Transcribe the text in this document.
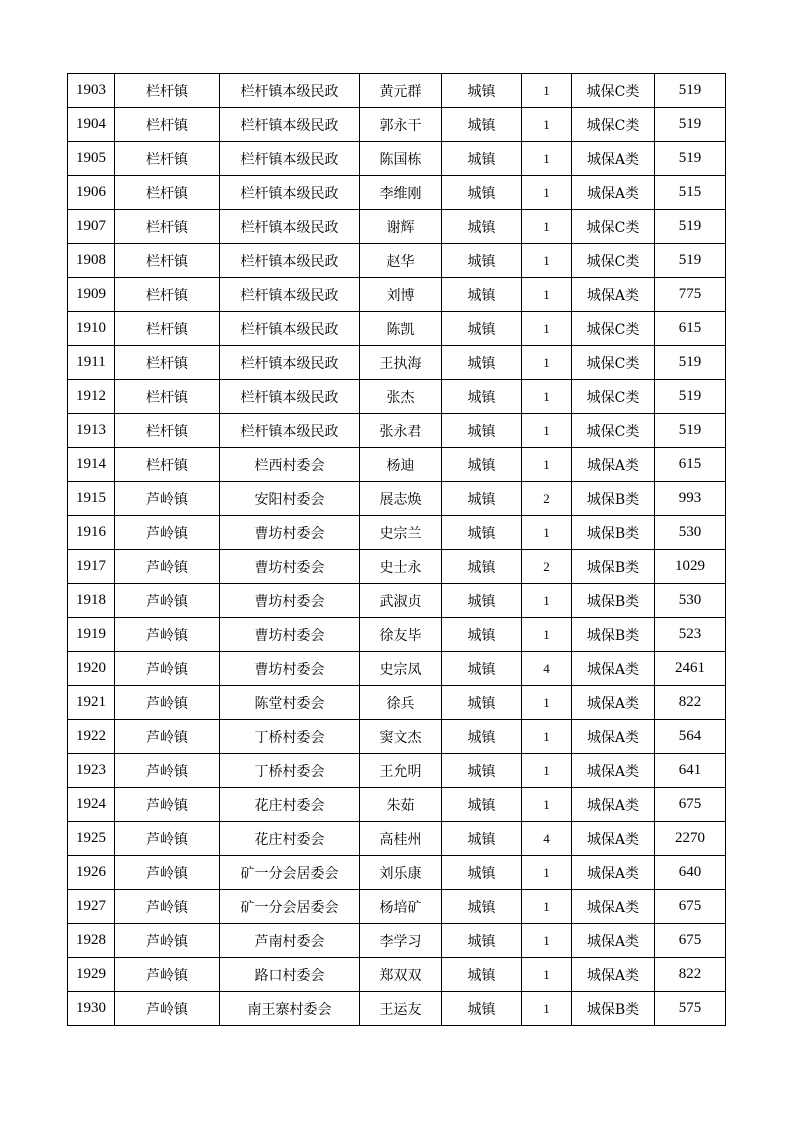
1903	栏杆镇	栏杆镇本级民政	黄元群	城镇	1	城保C类	519
1904	栏杆镇	栏杆镇本级民政	郭永干	城镇	1	城保C类	519
1905	栏杆镇	栏杆镇本级民政	陈国栋	城镇	1	城保A类	519
1906	栏杆镇	栏杆镇本级民政	李维刚	城镇	1	城保A类	515
1907	栏杆镇	栏杆镇本级民政	谢辉	城镇	1	城保C类	519
1908	栏杆镇	栏杆镇本级民政	赵华	城镇	1	城保C类	519
1909	栏杆镇	栏杆镇本级民政	刘博	城镇	1	城保A类	775
1910	栏杆镇	栏杆镇本级民政	陈凯	城镇	1	城保C类	615
1911	栏杆镇	栏杆镇本级民政	王执海	城镇	1	城保C类	519
1912	栏杆镇	栏杆镇本级民政	张杰	城镇	1	城保C类	519
1913	栏杆镇	栏杆镇本级民政	张永君	城镇	1	城保C类	519
1914	栏杆镇	栏西村委会	杨迪	城镇	1	城保A类	615
1915	芦岭镇	安阳村委会	展志焕	城镇	2	城保B类	993
1916	芦岭镇	曹坊村委会	史宗兰	城镇	1	城保B类	530
1917	芦岭镇	曹坊村委会	史士永	城镇	2	城保B类	1029
1918	芦岭镇	曹坊村委会	武淑贞	城镇	1	城保B类	530
1919	芦岭镇	曹坊村委会	徐友毕	城镇	1	城保B类	523
1920	芦岭镇	曹坊村委会	史宗凤	城镇	4	城保A类	2461
1921	芦岭镇	陈堂村委会	徐兵	城镇	1	城保A类	822
1922	芦岭镇	丁桥村委会	窦文杰	城镇	1	城保A类	564
1923	芦岭镇	丁桥村委会	王允明	城镇	1	城保A类	641
1924	芦岭镇	花庄村委会	朱茹	城镇	1	城保A类	675
1925	芦岭镇	花庄村委会	高桂州	城镇	4	城保A类	2270
1926	芦岭镇	矿一分会居委会	刘乐康	城镇	1	城保A类	640
1927	芦岭镇	矿一分会居委会	杨培矿	城镇	1	城保A类	675
1928	芦岭镇	芦南村委会	李学习	城镇	1	城保A类	675
1929	芦岭镇	路口村委会	郑双双	城镇	1	城保A类	822
1930	芦岭镇	南王寨村委会	王运友	城镇	1	城保B类	575
